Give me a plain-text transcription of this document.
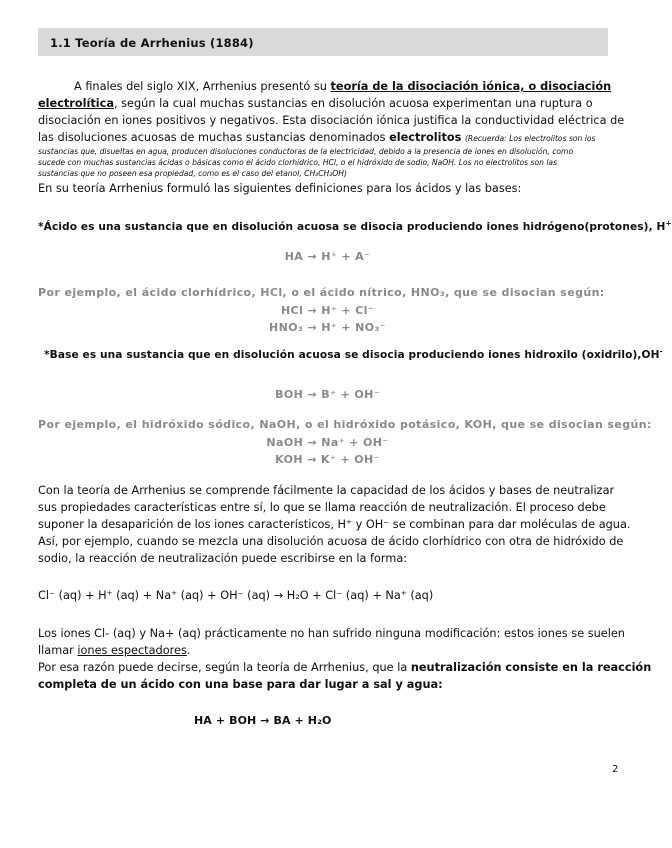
1.1 Teoría de Arrhenius (1884)
A finales del siglo XIX, Arrhenius presentó su teoría de la disociación iónica, o disociación
electrolítica, según la cual muchas sustancias en disolución acuosa experimentan una ruptura o
disociación en iones positivos y negativos. Esta disociación iónica justifica la conductividad eléctrica de
las disoluciones acuosas de muchas sustancias denominados electrolitos (Recuerda: Los electrolitos son los
sustancias que, disueltas en agua, producen disoluciones conductoras de la electricidad, debido a la presencia de iones en disolución, como
sucede con muchas sustancias ácidas o básicas como el ácido clorhídrico, HCl, o el hidróxido de sodio, NaOH. Los no electrolitos son las
sustancias que no poseen esa propiedad, como es el caso del etanol, CH₃CH₂OH)
En su teoría Arrhenius formuló las siguientes definiciones para los ácidos y las bases:
*Ácido es una sustancia que en disolución acuosa se disocia produciendo iones hidrógeno(protones), H+
HA → H⁺ + A⁻
Por ejemplo, el ácido clorhídrico, HCl, o el ácido nítrico, HNO₃, que se disocian según:
HCl → H⁺ + Cl⁻
HNO₃ → H⁺ + NO₃⁻
*Base es una sustancia que en disolución acuosa se disocia produciendo iones hidroxilo (oxidrilo),OH-
BOH → B⁺ + OH⁻
Por ejemplo, el hidróxido sódico, NaOH, o el hidróxido potásico, KOH, que se disocian según:
NaOH → Na⁺ + OH⁻
KOH → K⁺ + OH⁻
Con la teoría de Arrhenius se comprende fácilmente la capacidad de los ácidos y bases de neutralizar
sus propiedades características entre sí, lo que se llama reacción de neutralización. El proceso debe
suponer la desaparición de los iones característicos, H⁺ y OH⁻ se combinan para dar moléculas de agua.
Así, por ejemplo, cuando se mezcla una disolución acuosa de ácido clorhídrico con otra de hidróxido de
sodio, la reacción de neutralización puede escribirse en la forma:
Cl⁻ (aq) + H⁺ (aq) + Na⁺ (aq) + OH⁻ (aq) → H₂O + Cl⁻ (aq) + Na⁺ (aq)
Los iones Cl- (aq) y Na+ (aq) prácticamente no han sufrido ninguna modificación: estos iones se suelen
llamar iones espectadores.
Por esa razón puede decirse, según la teoría de Arrhenius, que la neutralización consiste en la reacción
completa de un ácido con una base para dar lugar a sal y agua:
HA + BOH → BA + H₂O
2
